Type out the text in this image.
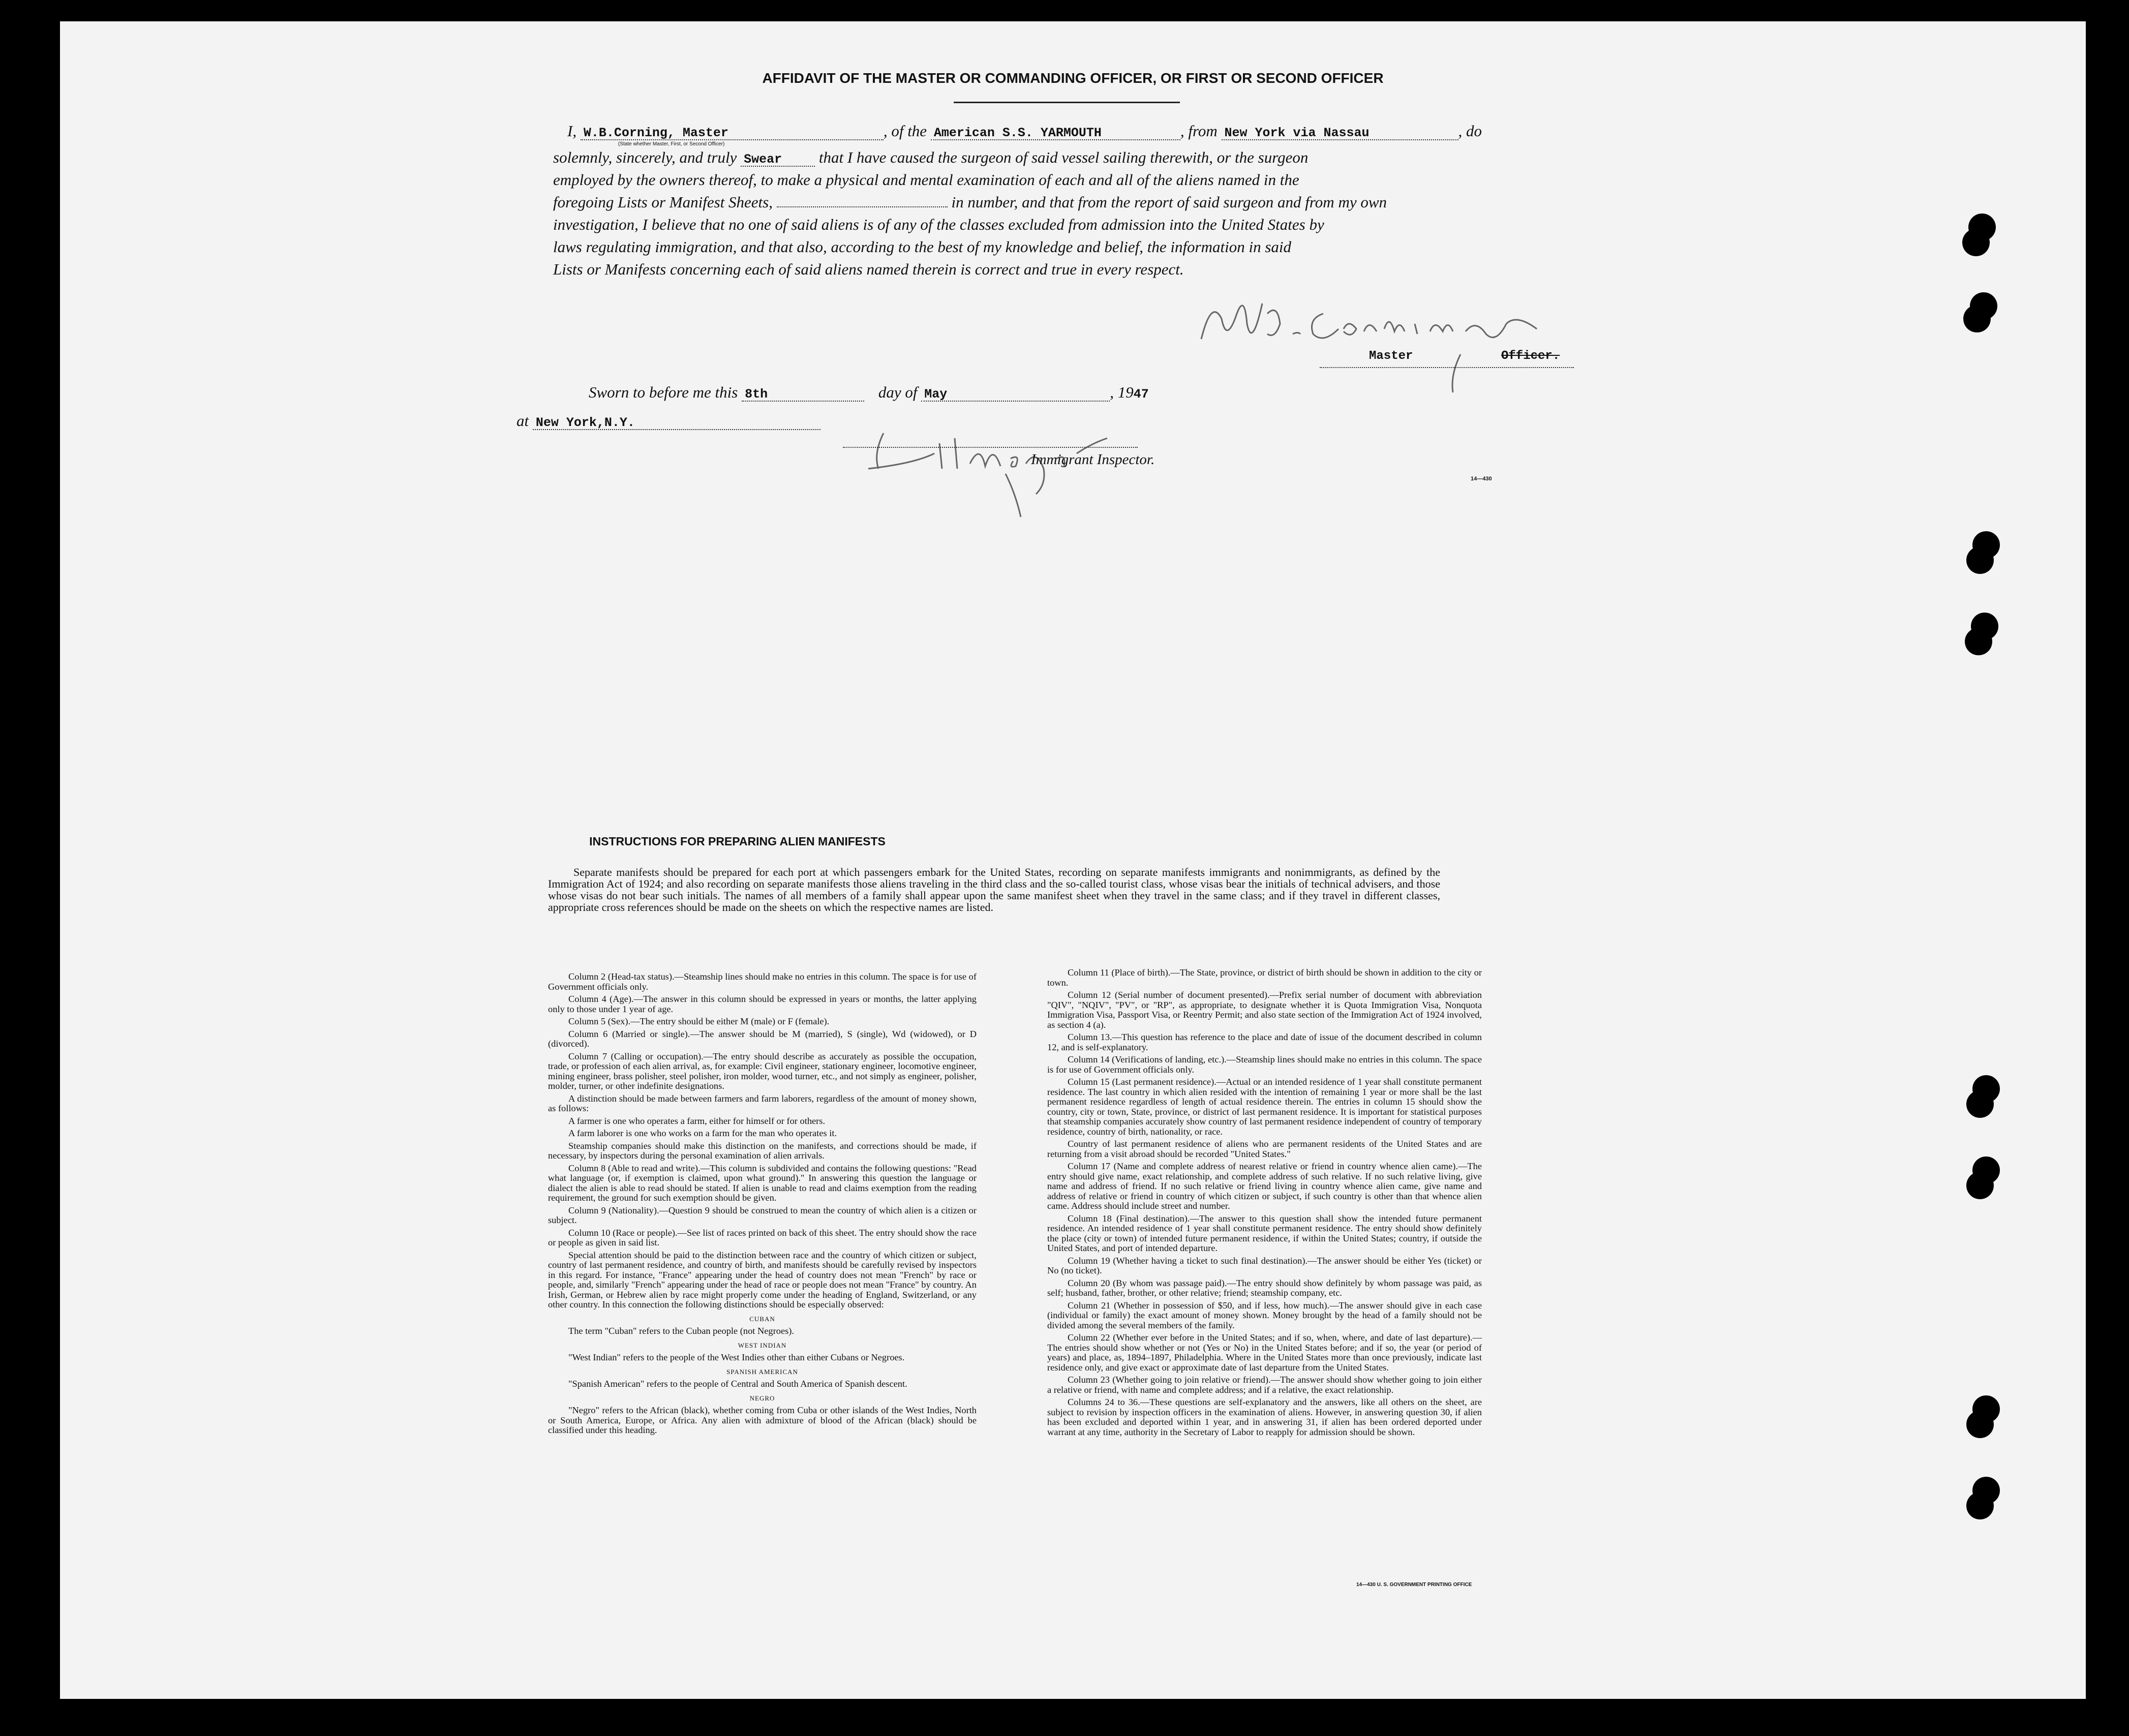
AFFIDAVIT OF THE MASTER OR COMMANDING OFFICER, OR FIRST OR SECOND OFFICER
I, W.B.Corning, Master	, of the American S.S. YARMOUTH	, from New York via Nassau	, do
(State whether Master, First, or Second Officer)
solemnly, sincerely, and truly Swear that I have caused the surgeon of said vessel sailing therewith, or the surgeon
employed by the owners thereof, to make a physical and mental examination of each and all of the aliens named in the
foregoing Lists or Manifest Sheets,	in number, and that from the report of said surgeon and from my own
investigation, I believe that no one of said aliens is of any of the classes excluded from admission into the United States by
laws regulating immigration, and that also, according to the best of my knowledge and belief, the information in said
Lists or Manifests concerning each of said aliens named therein is correct and true in every respect.
Master	Officer.
Sworn to before me this 8th	day of May	, 1947
at New York,N.Y.
Immigrant Inspector.
14—430
INSTRUCTIONS FOR PREPARING ALIEN MANIFESTS
Separate manifests should be prepared for each port at which passengers embark for the United States, recording on separate manifests immigrants and nonimmigrants, as defined by the Immigration Act of 1924; and also recording on separate manifests those aliens traveling in the third class and the so-called tourist class, whose visas bear the initials of technical advisers, and those whose visas do not bear such initials. The names of all members of a family shall appear upon the same manifest sheet when they travel in the same class; and if they travel in different classes, appropriate cross references should be made on the sheets on which the respective names are listed.

Column 2 (Head-tax status).—Steamship lines should make no entries in this column. The space is for use of Government officials only.

Column 4 (Age).—The answer in this column should be expressed in years or months, the latter applying only to those under 1 year of age.

Column 5 (Sex).—The entry should be either M (male) or F (female).

Column 6 (Married or single).—The answer should be M (married), S (single), Wd (widowed), or D (divorced).

Column 7 (Calling or occupation).—The entry should describe as accurately as possible the occupation, trade, or profession of each alien arrival, as, for example: Civil engineer, stationary engineer, locomotive engineer, mining engineer, brass polisher, steel polisher, iron molder, wood turner, etc., and not simply as engineer, polisher, molder, turner, or other indefinite designations.

A distinction should be made between farmers and farm laborers, regardless of the amount of money shown, as follows:

A farmer is one who operates a farm, either for himself or for others.

A farm laborer is one who works on a farm for the man who operates it.

Steamship companies should make this distinction on the manifests, and corrections should be made, if necessary, by inspectors during the personal examination of alien arrivals.

Column 8 (Able to read and write).—This column is subdivided and contains the following questions: "Read what language (or, if exemption is claimed, upon what ground)." In answering this question the language or dialect the alien is able to read should be stated. If alien is unable to read and claims exemption from the reading requirement, the ground for such exemption should be given.

Column 9 (Nationality).—Question 9 should be construed to mean the country of which alien is a citizen or subject.

Column 10 (Race or people).—See list of races printed on back of this sheet. The entry should show the race or people as given in said list.

Special attention should be paid to the distinction between race and the country of which citizen or subject, country of last permanent residence, and country of birth, and manifests should be carefully revised by inspectors in this regard. For instance, "France" appearing under the head of country does not mean "French" by race or people, and, similarly "French" appearing under the head of race or people does not mean "France" by country. An Irish, German, or Hebrew alien by race might properly come under the heading of England, Switzerland, or any other country. In this connection the following distinctions should be especially observed:

CUBAN

The term "Cuban" refers to the Cuban people (not Negroes).

WEST INDIAN

"West Indian" refers to the people of the West Indies other than either Cubans or Negroes.

SPANISH AMERICAN

"Spanish American" refers to the people of Central and South America of Spanish descent.

NEGRO

"Negro" refers to the African (black), whether coming from Cuba or other islands of the West Indies, North or South America, Europe, or Africa. Any alien with admixture of blood of the African (black) should be classified under this heading.

Column 11 (Place of birth).—The State, province, or district of birth should be shown in addition to the city or town.

Column 12 (Serial number of document presented).—Prefix serial number of document with abbreviation "QIV", "NQIV", "PV", or "RP", as appropriate, to designate whether it is Quota Immigration Visa, Nonquota Immigration Visa, Passport Visa, or Reentry Permit; and also state section of the Immigration Act of 1924 involved, as section 4 (a).

Column 13.—This question has reference to the place and date of issue of the document described in column 12, and is self-explanatory.

Column 14 (Verifications of landing, etc.).—Steamship lines should make no entries in this column. The space is for use of Government officials only.

Column 15 (Last permanent residence).—Actual or an intended residence of 1 year shall constitute permanent residence. The last country in which alien resided with the intention of remaining 1 year or more shall be the last permanent residence regardless of length of actual residence therein. The entries in column 15 should show the country, city or town, State, province, or district of last permanent residence. It is important for statistical purposes that steamship companies accurately show country of last permanent residence independent of country of temporary residence, country of birth, nationality, or race.

Country of last permanent residence of aliens who are permanent residents of the United States and are returning from a visit abroad should be recorded "United States."

Column 17 (Name and complete address of nearest relative or friend in country whence alien came).—The entry should give name, exact relationship, and complete address of such relative. If no such relative living, give name and address of friend. If no such relative or friend living in country whence alien came, give name and address of relative or friend in country of which citizen or subject, if such country is other than that whence alien came. Address should include street and number.

Column 18 (Final destination).—The answer to this question shall show the intended future permanent residence. An intended residence of 1 year shall constitute permanent residence. The entry should show definitely the place (city or town) of intended future permanent residence, if within the United States; country, if outside the United States, and port of intended departure.

Column 19 (Whether having a ticket to such final destination).—The answer should be either Yes (ticket) or No (no ticket).

Column 20 (By whom was passage paid).—The entry should show definitely by whom passage was paid, as self; husband, father, brother, or other relative; friend; steamship company, etc.

Column 21 (Whether in possession of $50, and if less, how much).—The answer should give in each case (individual or family) the exact amount of money shown. Money brought by the head of a family should not be divided among the several members of the family.

Column 22 (Whether ever before in the United States; and if so, when, where, and date of last departure).—The entries should show whether or not (Yes or No) in the United States before; and if so, the year (or period of years) and place, as, 1894–1897, Philadelphia. Where in the United States more than once previously, indicate last residence only, and give exact or approximate date of last departure from the United States.

Column 23 (Whether going to join relative or friend).—The answer should show whether going to join either a relative or friend, with name and complete address; and if a relative, the exact relationship.

Columns 24 to 36.—These questions are self-explanatory and the answers, like all others on the sheet, are subject to revision by inspection officers in the examination of aliens. However, in answering question 30, if alien has been excluded and deported within 1 year, and in answering 31, if alien has been ordered deported under warrant at any time, authority in the Secretary of Labor to reapply for admission should be shown.

14—430 U. S. GOVERNMENT PRINTING OFFICE
